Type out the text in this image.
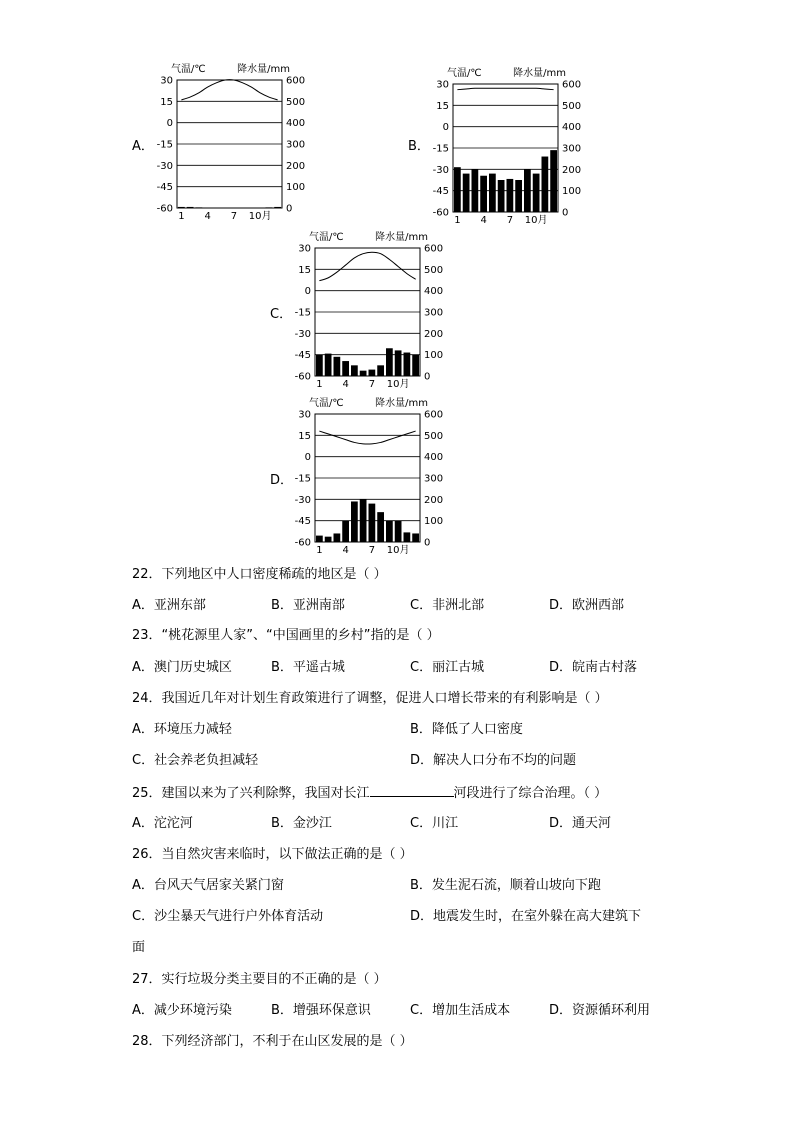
A．
气温/℃	降水量/mm
30	600
15	500
0	400
-15	300
-30	200
-45	100
-60	0
1 4 7 10月
B．
气温/℃	降水量/mm
30	600
15	500
0	400
-15	300
-30	200
-45	100
-60	0
1 4 7 10月
C．
气温/℃	降水量/mm
30	600
15	500
0	400
-15	300
-30	200
-45	100
-60	0
1 4 7 10月
D．
气温/℃	降水量/mm
30	600
15	500
0	400
-15	300
-30	200
-45	100
-60	0
1 4 7 10月
22．下列地区中人口密度稀疏的地区是（ ）
A．亚洲东部	B．亚洲南部	C．非洲北部	D．欧洲西部
23．“桃花源里人家”、“中国画里的乡村”指的是（ ）
A．澳门历史城区	B．平遥古城	C．丽江古城	D．皖南古村落
24．我国近几年对计划生育政策进行了调整，促进人口增长带来的有利影响是（ ）
A．环境压力减轻	B．降低了人口密度
C．社会养老负担减轻	D．解决人口分布不均的问题
25．建国以来为了兴利除弊，我国对长江	河段进行了综合治理。（ ）
A．沱沱河	B．金沙江	C．川江	D．通天河
26．当自然灾害来临时，以下做法正确的是（ ）
A．台风天气居家关紧门窗	B．发生泥石流，顺着山坡向下跑
C．沙尘暴天气进行户外体育活动	D．地震发生时，在室外躲在高大建筑下
面
27．实行垃圾分类主要目的不正确的是（ ）
A．减少环境污染	B．增强环保意识	C．增加生活成本	D．资源循环利用
28．下列经济部门，不利于在山区发展的是（ ）
